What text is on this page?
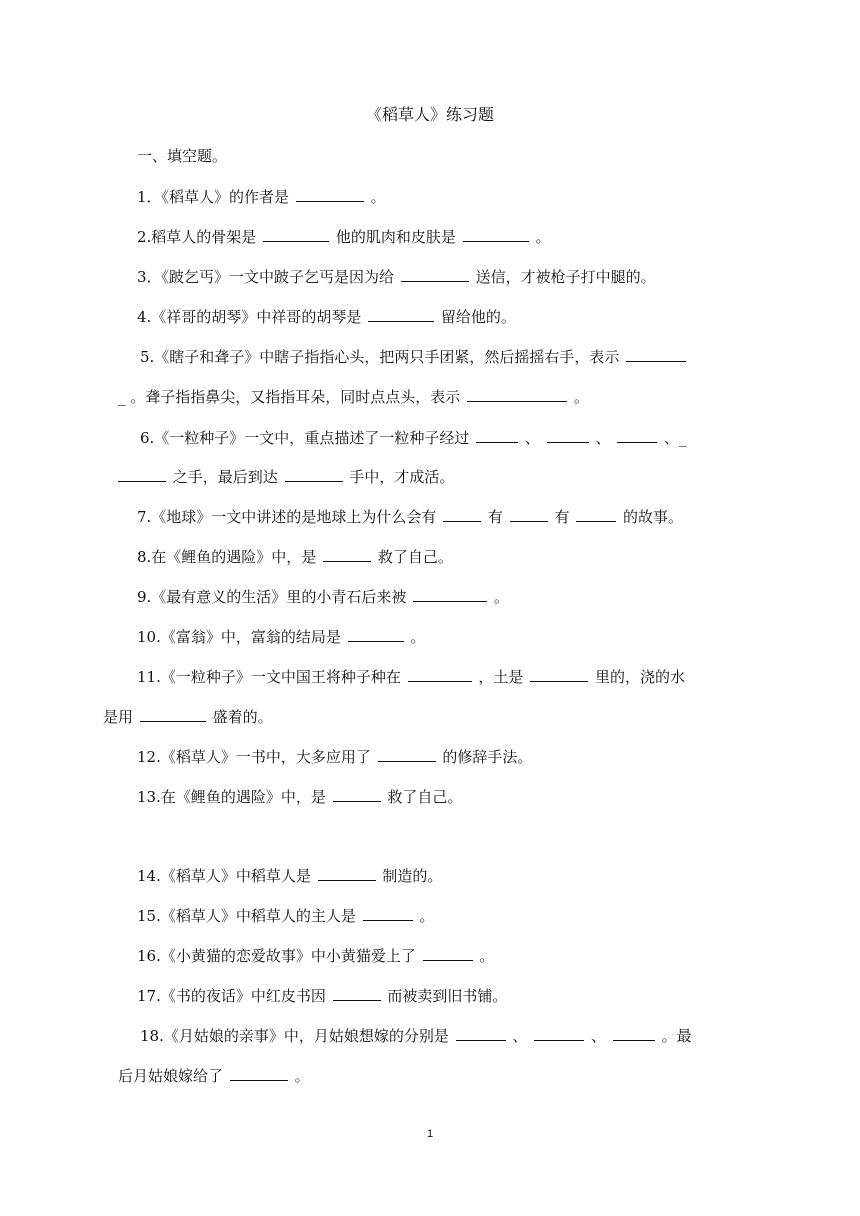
《稻草人》练习题
一、填空题。
1．《稻草人》的作者是	。
2.稻草人的骨架是	他的肌肉和皮肤是	。
3．《跛乞丐》一文中跛子乞丐是因为给	送信，才被枪子打中腿的。
4.《祥哥的胡琴》中祥哥的胡琴是	留给他的。
5.《瞎子和聋子》中瞎子指指心头，把两只手团紧，然后摇摇右手，表示
_ 。聋子指指鼻尖，又指指耳朵，同时点点头，表示	。
6.《一粒种子》一文中，重点描述了一粒种子经过	、	、	、_
之手，最后到达	手中，才成活。
7.《地球》一文中讲述的是地球上为什么会有	有	有	的故事。
8.在《鲤鱼的遇险》中，是	救了自己。
9.《最有意义的生活》里的小青石后来被	。
10.《富翁》中，富翁的结局是	。
11.《一粒种子》一文中国王将种子种在	，土是	里的，浇的水
是用	盛着的。
12.《稻草人》一书中，大多应用了	的修辞手法。
13.在《鲤鱼的遇险》中，是	救了自己。
14.《稻草人》中稻草人是	制造的。
15.《稻草人》中稻草人的主人是	。
16.《小黄猫的恋爱故事》中小黄猫爱上了	。
17.《书的夜话》中红皮书因	而被卖到旧书铺。
18.《月姑娘的亲事》中，月姑娘想嫁的分别是	、	、	。最
后月姑娘嫁给了	。
1
